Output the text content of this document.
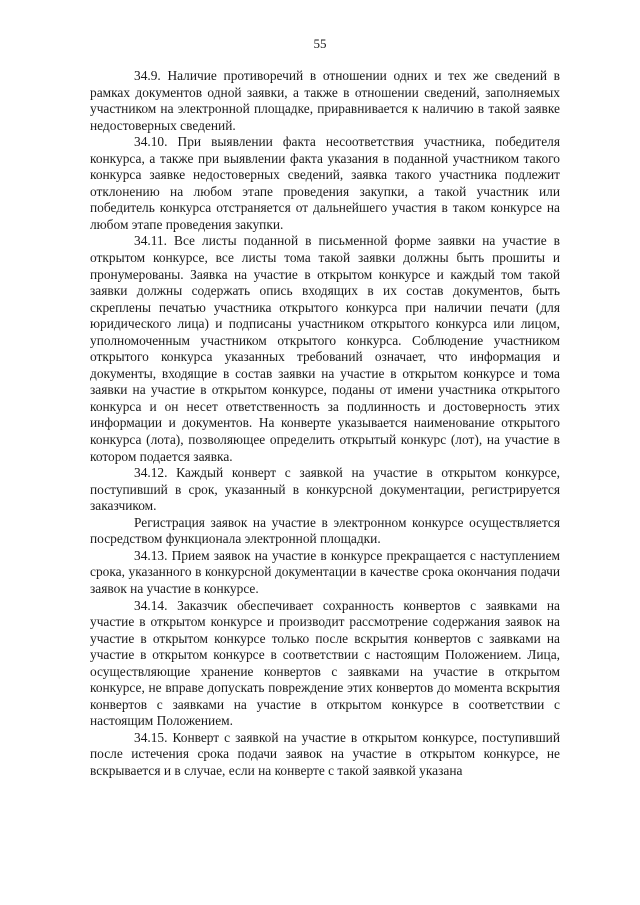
55

34.9. Наличие противоречий в отношении одних и тех же сведений в рамках документов одной заявки, а также в отношении сведений, заполняемых участником на электронной площадке, приравнивается к наличию в такой заявке недостоверных сведений.

34.10. При выявлении факта несоответствия участника, победителя конкурса, а также при выявлении факта указания в поданной участником такого конкурса заявке недостоверных сведений, заявка такого участника подлежит отклонению на любом этапе проведения закупки, а такой участник или победитель конкурса отстраняется от дальнейшего участия в таком конкурсе на любом этапе проведения закупки.

34.11. Все листы поданной в письменной форме заявки на участие в открытом конкурсе, все листы тома такой заявки должны быть прошиты и пронумерованы. Заявка на участие в открытом конкурсе и каждый том такой заявки должны содержать опись входящих в их состав документов, быть скреплены печатью участника открытого конкурса при наличии печати (для юридического лица) и подписаны участником открытого конкурса или лицом, уполномоченным участником открытого конкурса. Соблюдение участником открытого конкурса указанных требований означает, что информация и документы, входящие в состав заявки на участие в открытом конкурсе и тома заявки на участие в открытом конкурсе, поданы от имени участника открытого конкурса и он несет ответственность за подлинность и достоверность этих информации и документов. На конверте указывается наименование открытого конкурса (лота), позволяющее определить открытый конкурс (лот), на участие в котором подается заявка.

34.12. Каждый конверт с заявкой на участие в открытом конкурсе, поступивший в срок, указанный в конкурсной документации, регистрируется заказчиком.

Регистрация заявок на участие в электронном конкурсе осуществляется посредством функционала электронной площадки.

34.13. Прием заявок на участие в конкурсе прекращается с наступлением срока, указанного в конкурсной документации в качестве срока окончания подачи заявок на участие в конкурсе.

34.14. Заказчик обеспечивает сохранность конвертов с заявками на участие в открытом конкурсе и производит рассмотрение содержания заявок на участие в открытом конкурсе только после вскрытия конвертов с заявками на участие в открытом конкурсе в соответствии с настоящим Положением. Лица, осуществляющие хранение конвертов с заявками на участие в открытом конкурсе, не вправе допускать повреждение этих конвертов до момента вскрытия конвертов с заявками на участие в открытом конкурсе в соответствии с настоящим Положением.

34.15. Конверт с заявкой на участие в открытом конкурсе, поступивший после истечения срока подачи заявок на участие в открытом конкурсе, не вскрывается и в случае, если на конверте с такой заявкой указана
